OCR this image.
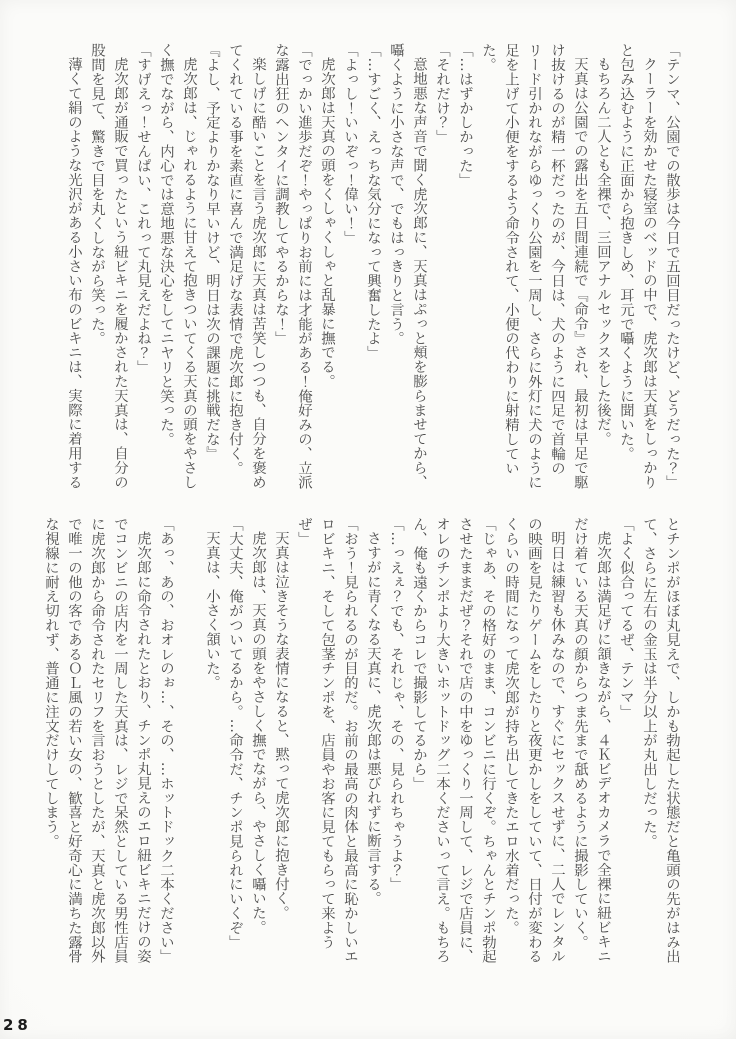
「テンマ、公園での散歩は今日で五回目だったけど、どうだった？」

クーラーを効かせた寝室のベッドの中で、虎次郎は天真をしっかりと包み込むように正面から抱きしめ、耳元で囁くように聞いた。

もちろん二人とも全裸で、三回アナルセックスをした後だ。

天真は公園での露出を五日間連続で『命令』され、最初は早足で駆け抜けるのが精一杯だったのが、今日は、犬のように四足で首輪のリード引かれながらゆっくり公園を一周し、さらに外灯に犬のように足を上げて小便をするよう命令されて、小便の代わりに射精していた。

「…はずかしかった」

「それだけ？」

意地悪な声音で聞く虎次郎に、天真はぷっと頬を膨らませてから、囁くように小さな声で、でもはっきりと言う。

「…すごく、えっちな気分になって興奮したよ」

「よっし！いいぞっ！偉い！」

虎次郎は天真の頭をくしゃくしゃと乱暴に撫でる。

「でっかい進歩だぞ！やっぱりお前には才能がある！俺好みの、立派な露出狂のヘンタイに調教してやるからな！」

楽しげに酷いことを言う虎次郎に天真は苦笑しつつも、自分を褒めてくれている事を素直に喜んで満足げな表情で虎次郎に抱き付く。

『よし、予定よりかなり早いけど、明日は次の課題に挑戦だな』

虎次郎は、じゃれるように甘えて抱きついてくる天真の頭をやさしく撫でながら、内心では意地悪な決心をしてニヤリと笑った。

「すげえっ！せんぱい、これって丸見えだよね？」

虎次郎が通販で買ったという紐ビキニを履かされた天真は、自分の股間を見て、驚きで目を丸くしながら笑った。

薄くて絹のような光沢がある小さい布のビキニは、実際に着用する

とチンポがほぼ丸見えで、しかも勃起した状態だと亀頭の先がはみ出て、さらに左右の金玉は半分以上が丸出しだった。

「よく似合ってるぜ、テンマ」

虎次郎は満足げに頷きながら、４Ｋビデオカメラで全裸に紐ビキニだけ着ている天真の顔からつま先まで舐めるように撮影していく。

明日は練習も休みなので、すぐにセックスせずに、二人でレンタルの映画を見たりゲームをしたりと夜更かしをしていて、日付が変わるくらいの時間になって虎次郎が持ち出してきたエロ水着だった。

「じゃあ、その格好のまま、コンビニに行くぞ。ちゃんとチンポ勃起させたままだぜ？それで店の中をゆっくり一周して、レジで店員に、オレのチンポより大きいホットドッグ二本くださいって言え。もちろん、俺も遠くからコレで撮影してるから」

「…っえぇ？でも、それじゃ、その、見られちゃうよ？」

さすがに青くなる天真に、虎次郎は悪びれずに断言する。

「おう！見られるのが目的だ。お前の最高の肉体と最高に恥かしいエロビキニ、そして包茎チンポを、店員やお客に見てもらって来ようぜ」

天真は泣きそうな表情になると、黙って虎次郎に抱き付く。

虎次郎は、天真の頭をやさしく撫でながら、やさしく囁いた。

「大丈夫、俺がついてるから。…命令だ、チンポ見られにいくぞ」

天真は、小さく頷いた。

「あっ、あの、おオレのぉ…、その、…ホットドック二本ください」

虎次郎に命令されたとおり、チンポ丸見えのエロ紐ビキニだけの姿でコンビニの店内を一周した天真は、レジで呆然としている男性店員に虎次郎から命令されたセリフを言おうとしたが、天真と虎次郎以外で唯一の他の客であるＯＬ風の若い女の、歓喜と好奇心に満ちた露骨な視線に耐え切れず、普通に注文だけしてしまう。

28
